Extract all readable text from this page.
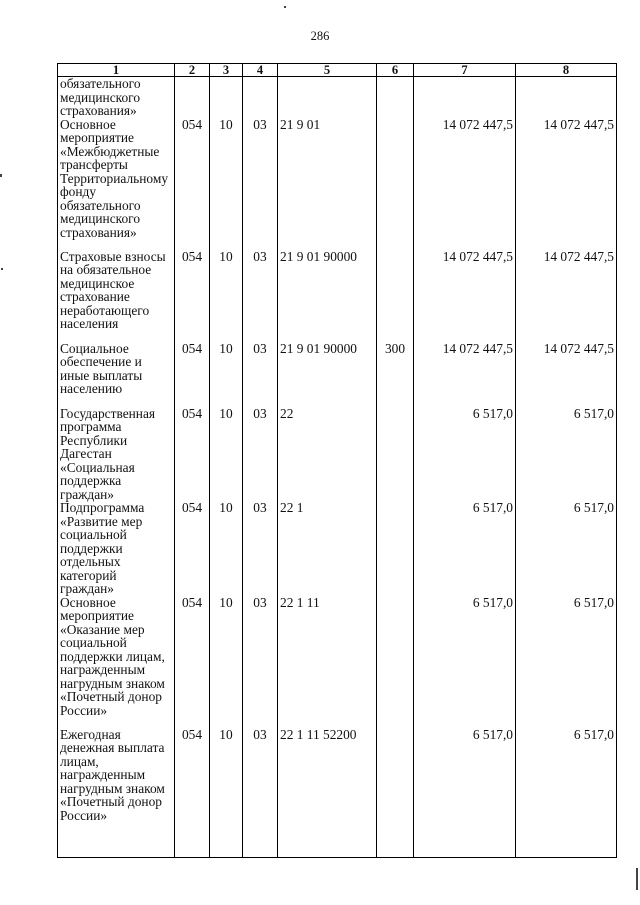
286
1	2	3	4	5	6	7	8
обязательного медицинского страхования»							
Основное мероприятие «Межбюджетные трансферты Территориальному фонду обязательного медицинского страхования»	054	10	03	21 9 01		14 072 447,5	14 072 447,5
Страховые взносы на обязательное медицинское страхование неработающего населения	054	10	03	21 9 01 90000		14 072 447,5	14 072 447,5
Социальное обеспечение и иные выплаты населению	054	10	03	21 9 01 90000	300	14 072 447,5	14 072 447,5
Государственная программа Республики Дагестан «Социальная поддержка граждан»	054	10	03	22		6 517,0	6 517,0
Подпрограмма «Развитие мер социальной поддержки отдельных категорий граждан»	054	10	03	22 1		6 517,0	6 517,0
Основное мероприятие «Оказание мер социальной поддержки лицам, награжденным нагрудным знаком «Почетный донор России»	054	10	03	22 1 11		6 517,0	6 517,0
Ежегодная денежная выплата лицам, награжденным нагрудным знаком «Почетный донор России»	054	10	03	22 1 11 52200		6 517,0	6 517,0
